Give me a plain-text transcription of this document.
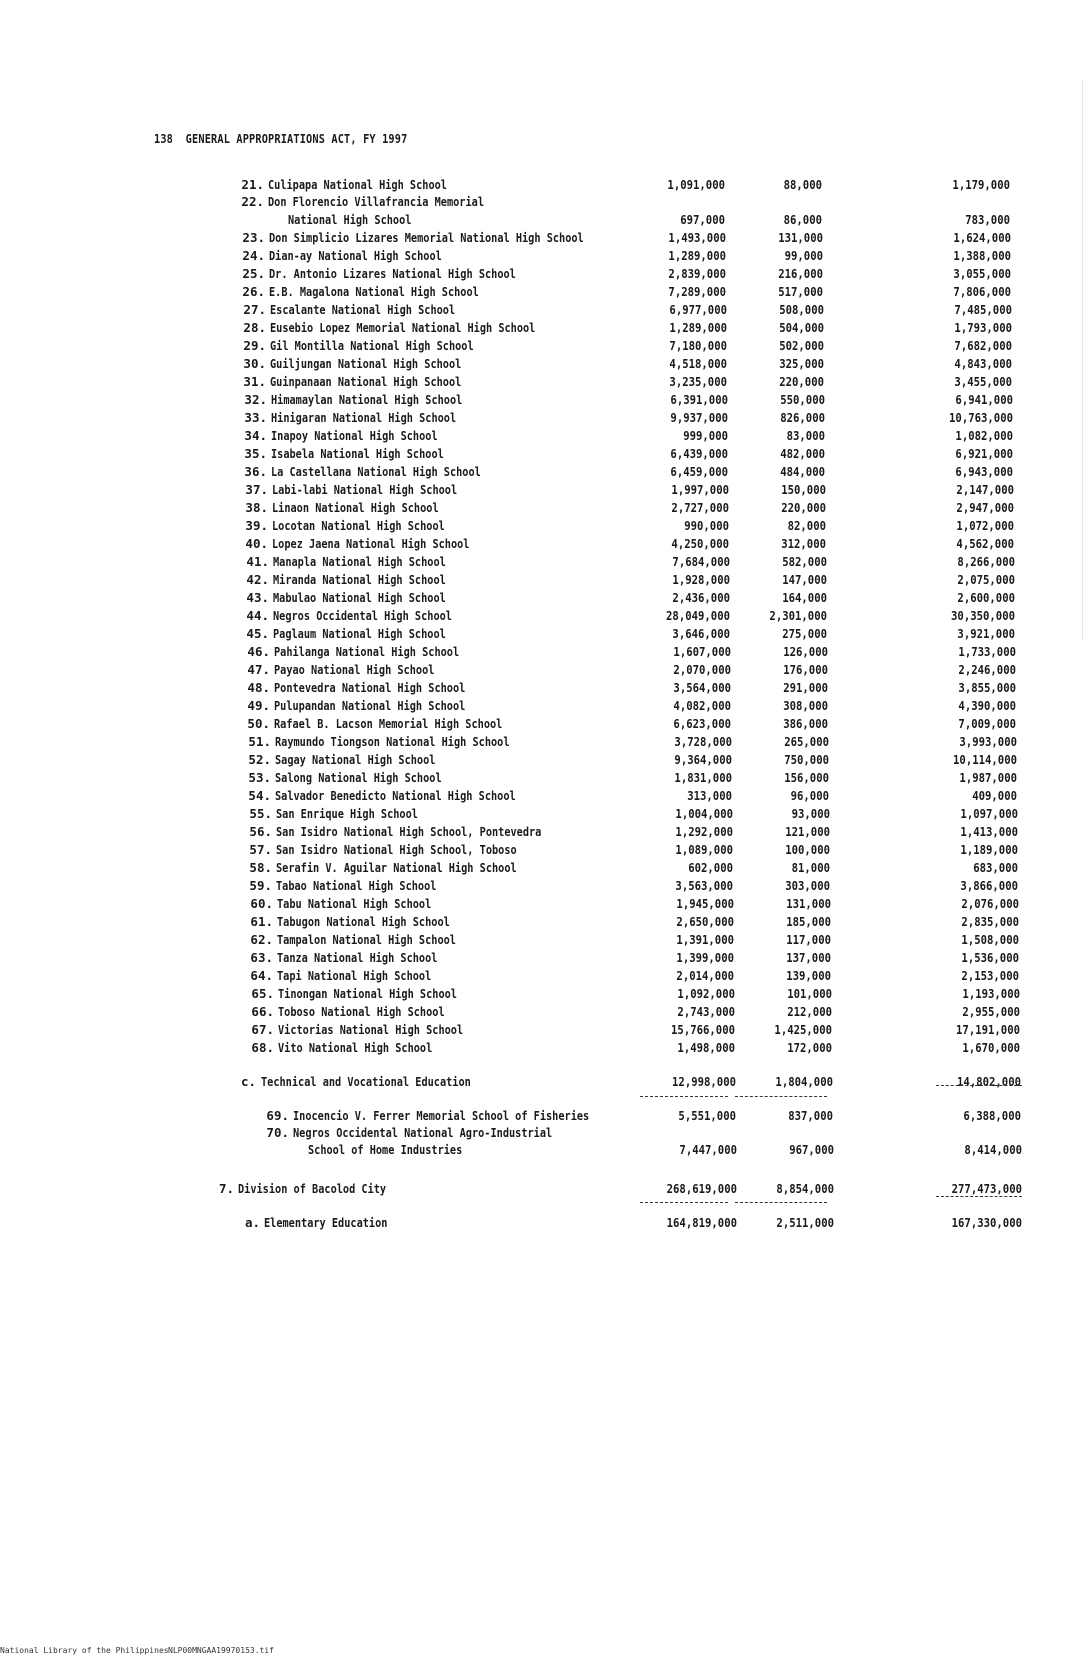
138 GENERAL APPROPRIATIONS ACT, FY 1997
21. Culipapa National High School	1,091,000	88,000	1,179,000
22. Don Florencio Villafrancia Memorial
National High School	697,000	86,000	783,000
23. Don Simplicio Lizares Memorial National High School	1,493,000	131,000	1,624,000
24. Dian-ay National High School	1,289,000	99,000	1,388,000
25. Dr. Antonio Lizares National High School	2,839,000	216,000	3,055,000
26. E.B. Magalona National High School	7,289,000	517,000	7,806,000
27. Escalante National High School	6,977,000	508,000	7,485,000
28. Eusebio Lopez Memorial National High School	1,289,000	504,000	1,793,000
29. Gil Montilla National High School	7,180,000	502,000	7,682,000
30. Guiljungan National High School	4,518,000	325,000	4,843,000
31. Guinpanaan National High School	3,235,000	220,000	3,455,000
32. Himamaylan National High School	6,391,000	550,000	6,941,000
33. Hinigaran National High School	9,937,000	826,000	10,763,000
34. Inapoy National High School	999,000	83,000	1,082,000
35. Isabela National High School	6,439,000	482,000	6,921,000
36. La Castellana National High School	6,459,000	484,000	6,943,000
37. Labi-labi National High School	1,997,000	150,000	2,147,000
38. Linaon National High School	2,727,000	220,000	2,947,000
39. Locotan National High School	990,000	82,000	1,072,000
40. Lopez Jaena National High School	4,250,000	312,000	4,562,000
41. Manapla National High School	7,684,000	582,000	8,266,000
42. Miranda National High School	1,928,000	147,000	2,075,000
43. Mabulao National High School	2,436,000	164,000	2,600,000
44. Negros Occidental High School	28,049,000	2,301,000	30,350,000
45. Paglaum National High School	3,646,000	275,000	3,921,000
46. Pahilanga National High School	1,607,000	126,000	1,733,000
47. Payao National High School	2,070,000	176,000	2,246,000
48. Pontevedra National High School	3,564,000	291,000	3,855,000
49. Pulupandan National High School	4,082,000	308,000	4,390,000
50. Rafael B. Lacson Memorial High School	6,623,000	386,000	7,009,000
51. Raymundo Tiongson National High School	3,728,000	265,000	3,993,000
52. Sagay National High School	9,364,000	750,000	10,114,000
53. Salong National High School	1,831,000	156,000	1,987,000
54. Salvador Benedicto National High School	313,000	96,000	409,000
55. San Enrique High School	1,004,000	93,000	1,097,000
56. San Isidro National High School, Pontevedra	1,292,000	121,000	1,413,000
57. San Isidro National High School, Toboso	1,089,000	100,000	1,189,000
58. Serafin V. Aguilar National High School	602,000	81,000	683,000
59. Tabao National High School	3,563,000	303,000	3,866,000
60. Tabu National High School	1,945,000	131,000	2,076,000
61. Tabugon National High School	2,650,000	185,000	2,835,000
62. Tampalon National High School	1,391,000	117,000	1,508,000
63. Tanza National High School	1,399,000	137,000	1,536,000
64. Tapi National High School	2,014,000	139,000	2,153,000
65. Tinongan National High School	1,092,000	101,000	1,193,000
66. Toboso National High School	2,743,000	212,000	2,955,000
67. Victorias National High School	15,766,000	1,425,000	17,191,000
68. Vito National High School	1,498,000	172,000	1,670,000
c. Technical and Vocational Education	12,998,000	1,804,000	14,802,000
69. Inocencio V. Ferrer Memorial School of Fisheries	5,551,000	837,000	6,388,000
70. Negros Occidental National Agro-Industrial
School of Home Industries	7,447,000	967,000	8,414,000
7. Division of Bacolod City	268,619,000	8,854,000	277,473,000
a. Elementary Education	164,819,000	2,511,000	167,330,000
National Library of the Philippines NLP00MNGAA19970153.tif
